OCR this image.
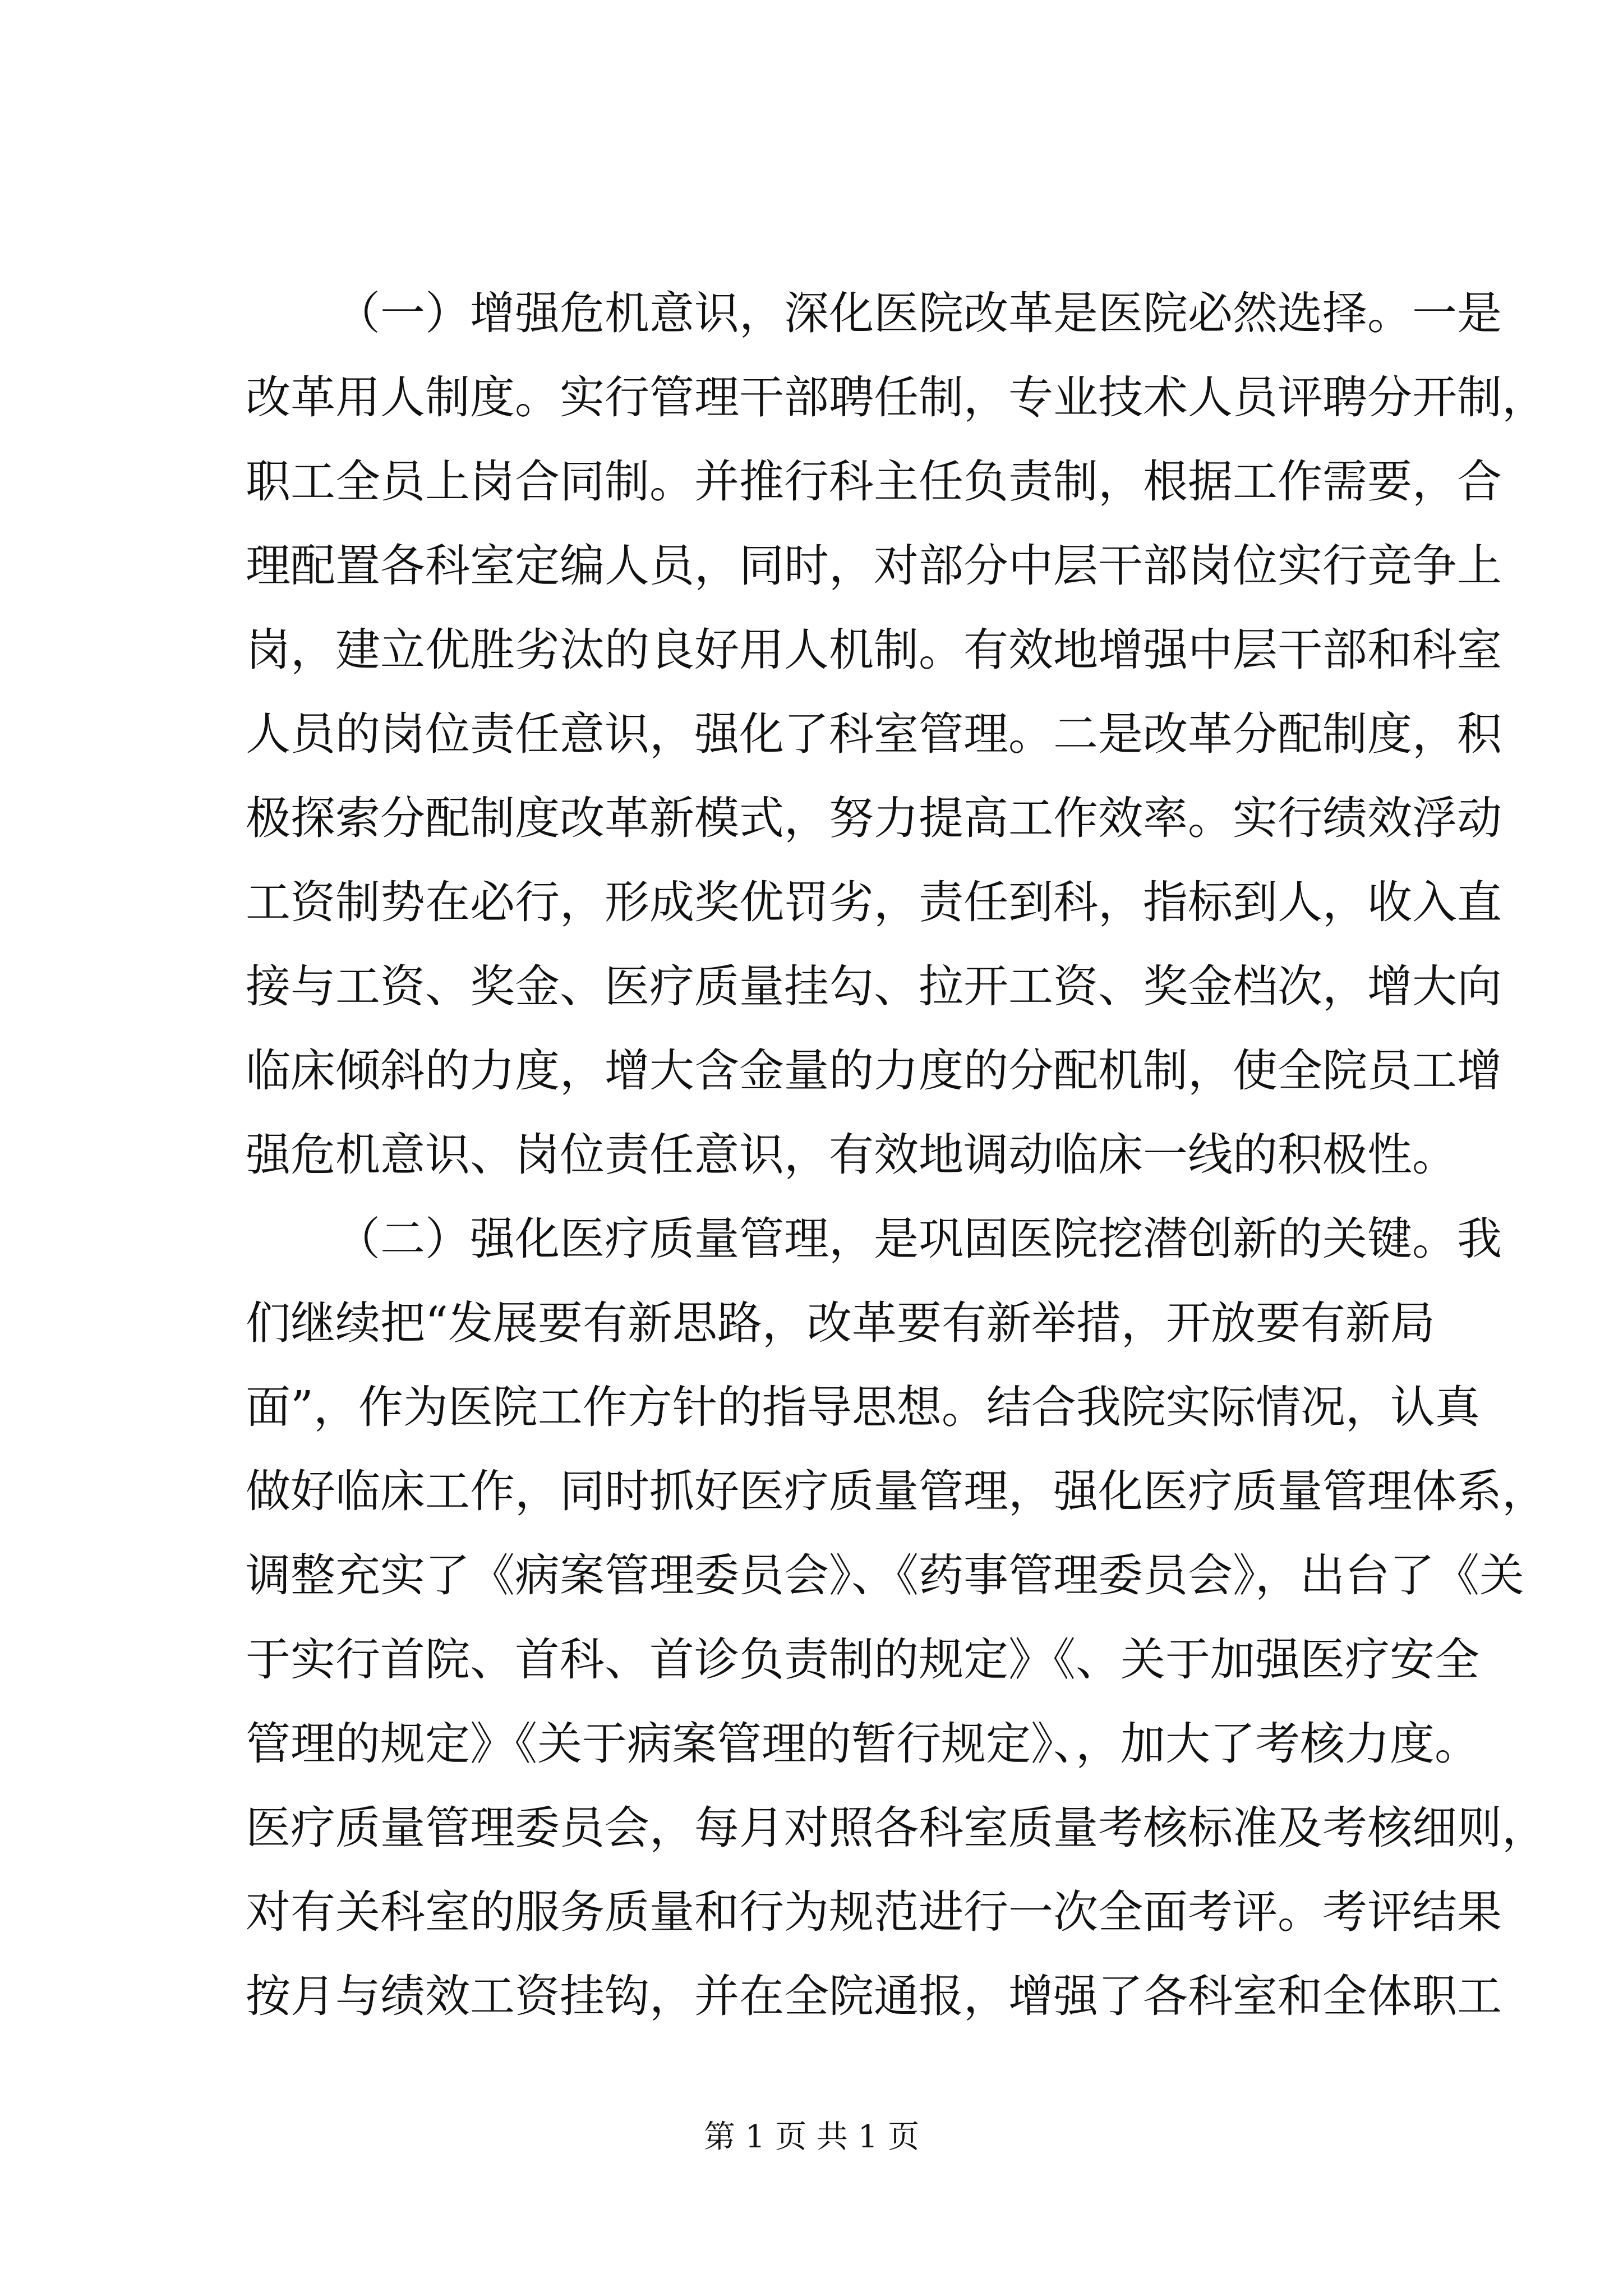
（一）增强危机意识，深化医院改革是医院必然选择。一是
改革用人制度。实行管理干部聘任制，专业技术人员评聘分开制，
职工全员上岗合同制。并推行科主任负责制，根据工作需要，合
理配置各科室定编人员，同时，对部分中层干部岗位实行竞争上
岗，建立优胜劣汰的良好用人机制。有效地增强中层干部和科室
人员的岗位责任意识，强化了科室管理。二是改革分配制度，积
极探索分配制度改革新模式，努力提高工作效率。实行绩效浮动
工资制势在必行，形成奖优罚劣，责任到科，指标到人，收入直
接与工资、奖金、医疗质量挂勾、拉开工资、奖金档次，增大向
临床倾斜的力度，增大含金量的力度的分配机制，使全院员工增
强危机意识、岗位责任意识，有效地调动临床一线的积极性。
（二）强化医疗质量管理，是巩固医院挖潜创新的关键。我
们继续把“发展要有新思路，改革要有新举措，开放要有新局
面”，作为医院工作方针的指导思想。结合我院实际情况，认真
做好临床工作，同时抓好医疗质量管理，强化医疗质量管理体系，
调整充实了《病案管理委员会》、《药事管理委员会》，出台了《关
于实行首院、首科、首诊负责制的规定》《、关于加强医疗安全
管理的规定》《关于病案管理的暂行规定》、，加大了考核力度。
医疗质量管理委员会，每月对照各科室质量考核标准及考核细则，
对有关科室的服务质量和行为规范进行一次全面考评。考评结果
按月与绩效工资挂钩，并在全院通报，增强了各科室和全体职工
第 1 页 共 1 页
